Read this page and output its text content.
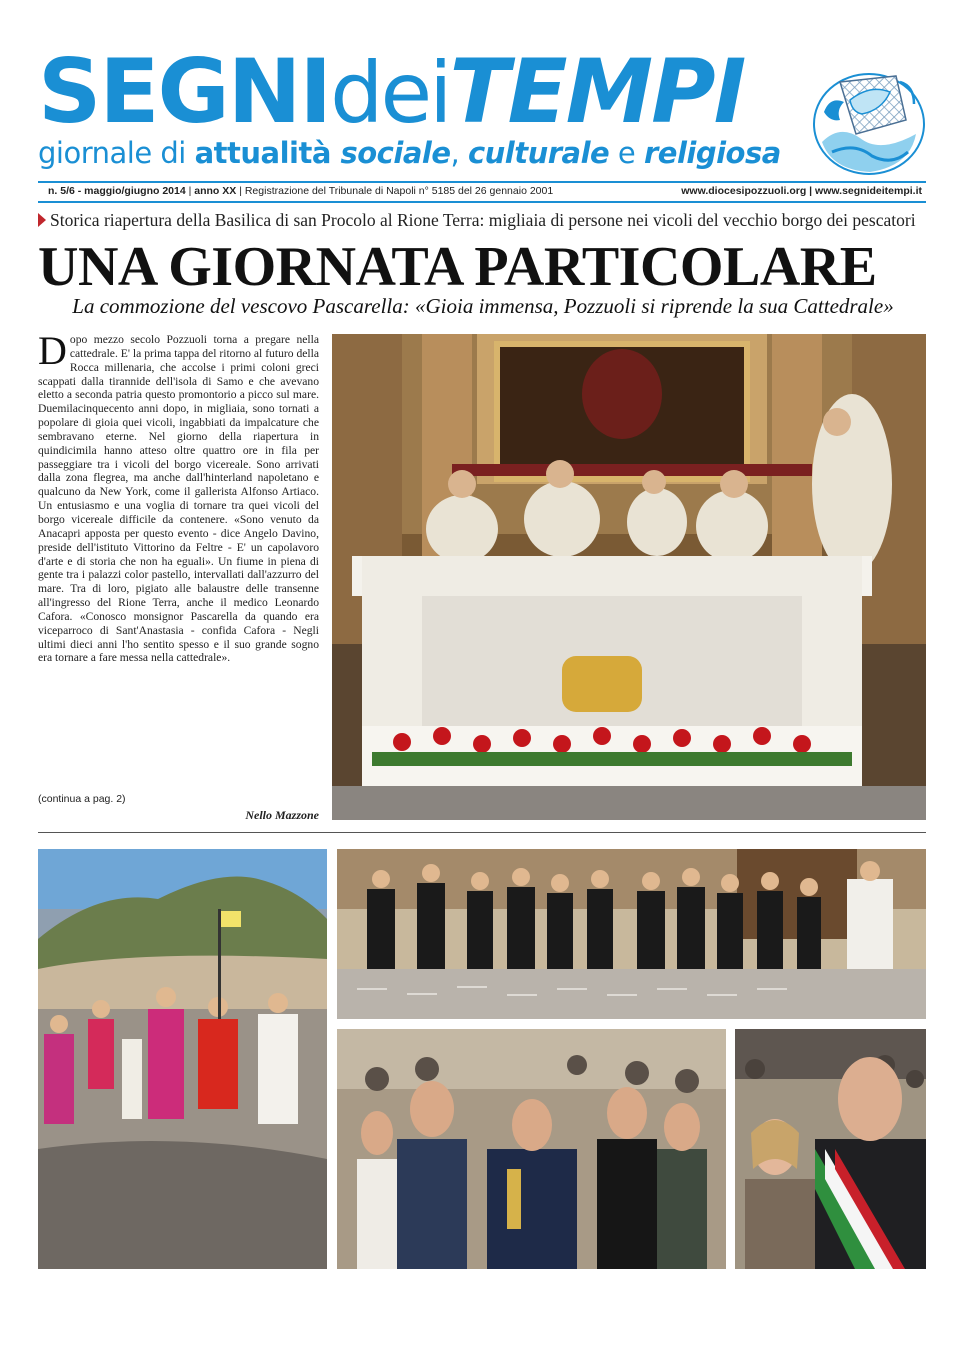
SEGNIdeiTEMPI
giornale di attualità sociale, culturale e religiosa
n. 5/6 - maggio/giugno 2014 | anno XX | Registrazione del Tribunale di Napoli n° 5185 del 26 gennaio 2001	www.diocesipozzuoli.org | www.segnideitempi.it
Storica riapertura della Basilica di san Procolo al Rione Terra: migliaia di persone nei vicoli del vecchio borgo dei pescatori
UNA GIORNATA PARTICOLARE
La commozione del vescovo Pascarella: «Gioia immensa, Pozzuoli si riprende la sua Cattedrale»
Dopo mezzo secolo Pozzuoli torna a pregare nella cattedrale. E' la prima tappa del ritorno al futuro della Rocca millenaria, che accolse i primi coloni greci scappati dalla tirannide dell'isola di Samo e che avevano eletto a seconda patria questo promontorio a picco sul mare. Duemilacinquecento anni dopo, in migliaia, sono tornati a popolare di gioia quei vicoli, ingabbiati da impalcature che sembravano eterne. Nel giorno della riapertura in quindicimila hanno atteso oltre quattro ore in fila per passeggiare tra i vicoli del borgo vicereale. Sono arrivati dalla zona flegrea, ma anche dall'hinterland napoletano e qualcuno da New York, come il gallerista Alfonso Artiaco. Un entusiasmo e una voglia di tornare tra quei vicoli del borgo vicereale difficile da contenere. «Sono venuto da Anacapri apposta per questo evento - dice Angelo Davino, preside dell'istituto Vittorino da Feltre - E' un capolavoro d'arte e di storia che non ha eguali». Un fiume in piena di gente tra i palazzi color pastello, intervallati dall'azzurro del mare. Tra di loro, pigiato alle balaustre delle transenne all'ingresso del Rione Terra, anche il medico Leonardo Cafora. «Conosco monsignor Pascarella da quando era viceparroco di Sant'Anastasia - confida Cafora - Negli ultimi dieci anni l'ho sentito spesso e il suo grande sogno era tornare a fare messa nella cattedrale».
(continua a pag. 2)
Nello Mazzone
